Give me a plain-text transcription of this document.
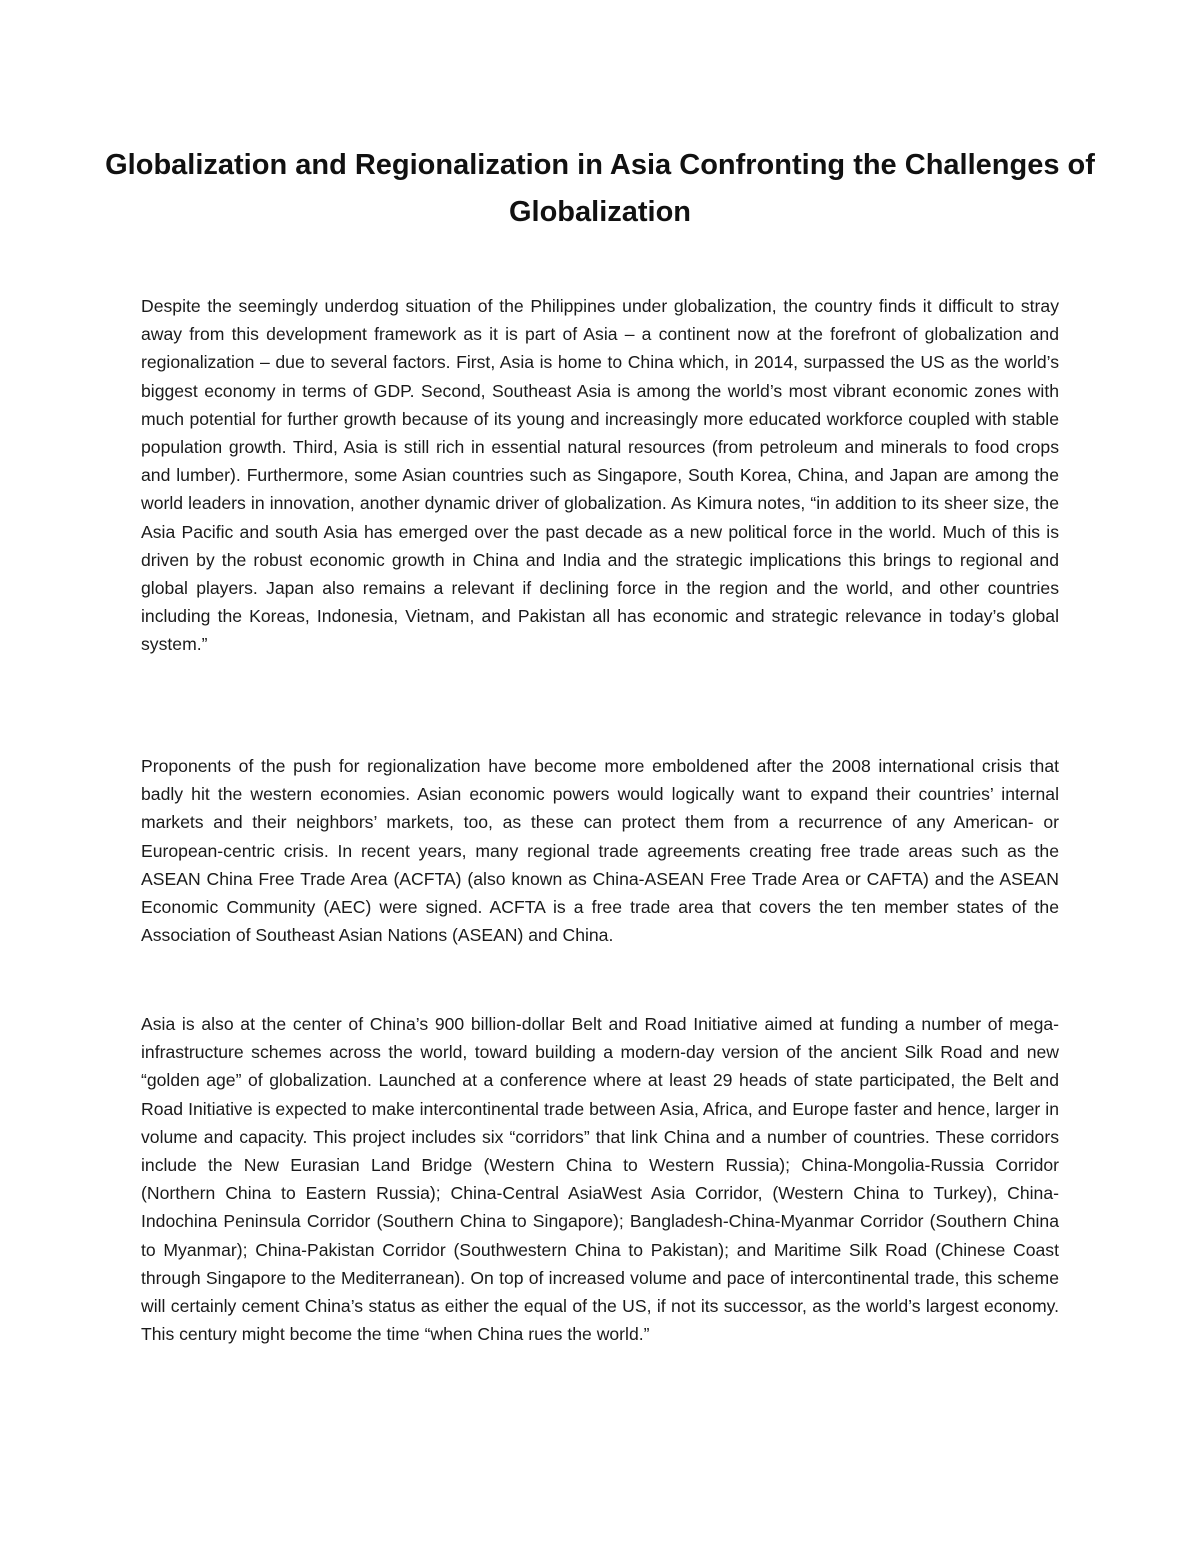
Globalization and Regionalization in Asia Confronting the Challenges of Globalization

Despite the seemingly underdog situation of the Philippines under globalization, the country finds it difficult to stray away from this development framework as it is part of Asia – a continent now at the forefront of globalization and regionalization – due to several factors. First, Asia is home to China which, in 2014, surpassed the US as the world’s biggest economy in terms of GDP. Second, Southeast Asia is among the world’s most vibrant economic zones with much potential for further growth because of its young and increasingly more educated workforce coupled with stable population growth. Third, Asia is still rich in essential natural resources (from petroleum and minerals to food crops and lumber). Furthermore, some Asian countries such as Singapore, South Korea, China, and Japan are among the world leaders in innovation, another dynamic driver of globalization. As Kimura notes, “in addition to its sheer size, the Asia Pacific and south Asia has emerged over the past decade as a new political force in the world. Much of this is driven by the robust economic growth in China and India and the strategic implications this brings to regional and global players. Japan also remains a relevant if declining force in the region and the world, and other countries including the Koreas, Indonesia, Vietnam, and Pakistan all has economic and strategic relevance in today’s global system.”

Proponents of the push for regionalization have become more emboldened after the 2008 international crisis that badly hit the western economies. Asian economic powers would logically want to expand their countries’ internal markets and their neighbors’ markets, too, as these can protect them from a recurrence of any American- or European-centric crisis. In recent years, many regional trade agreements creating free trade areas such as the ASEAN China Free Trade Area (ACFTA) (also known as China-ASEAN Free Trade Area or CAFTA) and the ASEAN Economic Community (AEC) were signed. ACFTA is a free trade area that covers the ten member states of the Association of Southeast Asian Nations (ASEAN) and China.

Asia is also at the center of China’s 900 billion-dollar Belt and Road Initiative aimed at funding a number of mega-infrastructure schemes across the world, toward building a modern-day version of the ancient Silk Road and new “golden age” of globalization. Launched at a conference where at least 29 heads of state participated, the Belt and Road Initiative is expected to make intercontinental trade between Asia, Africa, and Europe faster and hence, larger in volume and capacity. This project includes six “corridors” that link China and a number of countries. These corridors include the New Eurasian Land Bridge (Western China to Western Russia); China-Mongolia-Russia Corridor (Northern China to Eastern Russia); China-Central AsiaWest Asia Corridor, (Western China to Turkey), China-Indochina Peninsula Corridor (Southern China to Singapore); Bangladesh-China-Myanmar Corridor (Southern China to Myanmar); China-Pakistan Corridor (Southwestern China to Pakistan); and Maritime Silk Road (Chinese Coast through Singapore to the Mediterranean). On top of increased volume and pace of intercontinental trade, this scheme will certainly cement China’s status as either the equal of the US, if not its successor, as the world’s largest economy. This century might become the time “when China rues the world.”
